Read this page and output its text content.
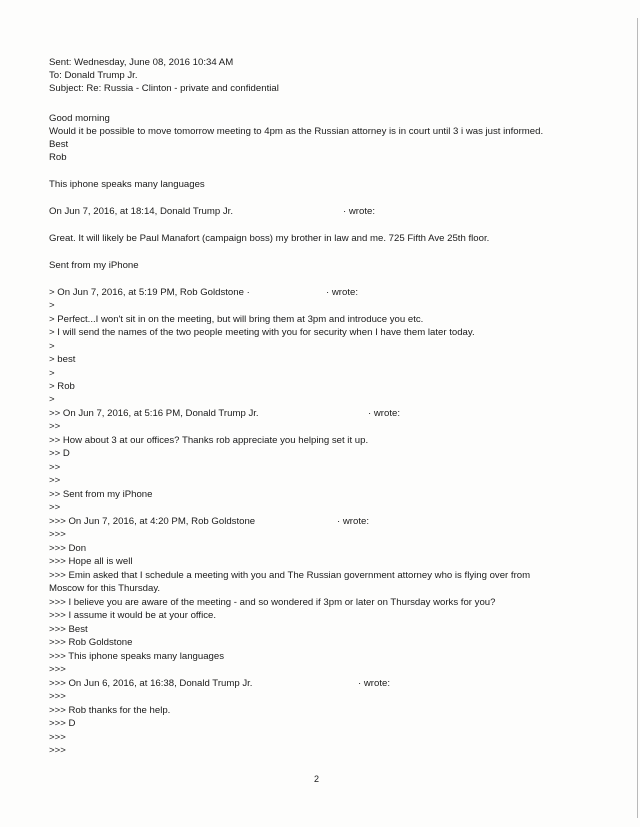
Sent: Wednesday, June 08, 2016 10:34 AM
To: Donald Trump Jr.
Subject: Re: Russia - Clinton - private and confidential
Good morning
Would it be possible to move tomorrow meeting to 4pm as the Russian attorney is in court until 3 i was just informed.
Best
Rob
This iphone speaks many languages
On Jun 7, 2016, at 18:14, Donald Trump Jr.	· wrote:
Great. It will likely be Paul Manafort (campaign boss) my brother in law and me. 725 Fifth Ave 25th floor.
Sent from my iPhone
> On Jun 7, 2016, at 5:19 PM, Rob Goldstone ·	· wrote:
>
> Perfect...I won't sit in on the meeting, but will bring them at 3pm and introduce you etc.
> I will send the names of the two people meeting with you for security when I have them later today.
>
> best
>
> Rob
>
>> On Jun 7, 2016, at 5:16 PM, Donald Trump Jr.	· wrote:
>>
>> How about 3 at our offices? Thanks rob appreciate you helping set it up.
>> D
>>
>>
>> Sent from my iPhone
>>
>>> On Jun 7, 2016, at 4:20 PM, Rob Goldstone	· wrote:
>>>
>>> Don
>>> Hope all is well
>>> Emin asked that I schedule a meeting with you and The Russian government attorney who is flying over from
Moscow for this Thursday.
>>> I believe you are aware of the meeting - and so wondered if 3pm or later on Thursday works for you?
>>> I assume it would be at your office.
>>> Best
>>> Rob Goldstone
>>> This iphone speaks many languages
>>>
>>> On Jun 6, 2016, at 16:38, Donald Trump Jr.	· wrote:
>>>
>>> Rob thanks for the help.
>>> D
>>>
>>>
2
